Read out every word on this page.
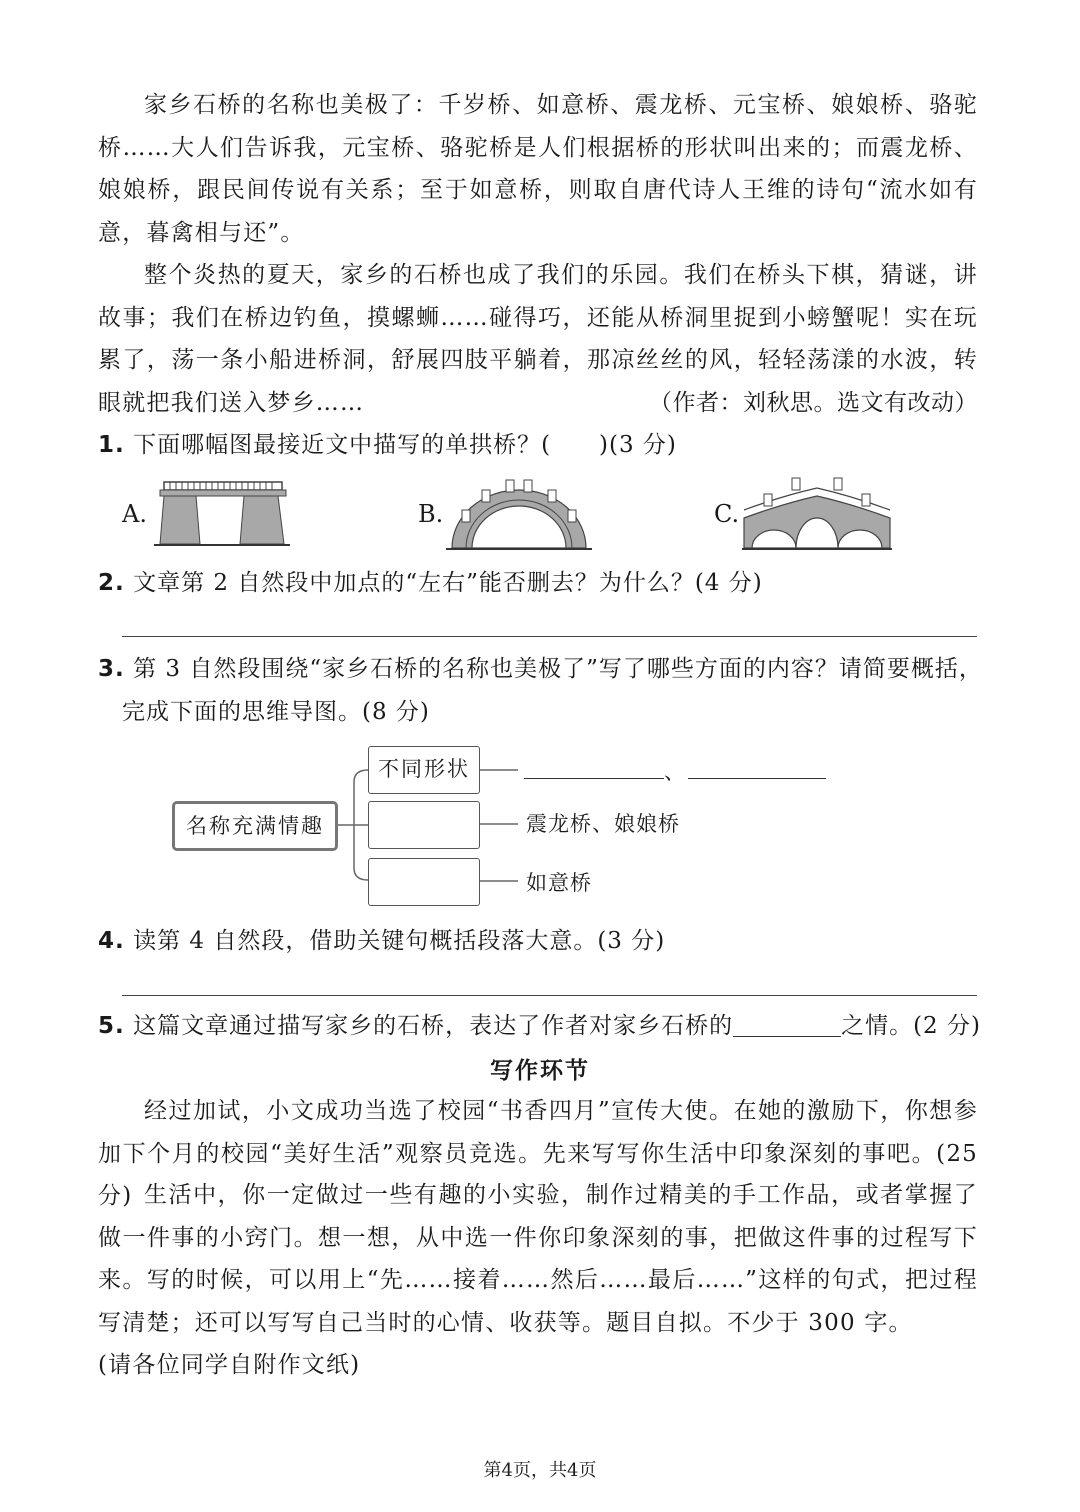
家乡石桥的名称也美极了：千岁桥、如意桥、震龙桥、元宝桥、娘娘桥、骆驼桥……大人们告诉我，元宝桥、骆驼桥是人们根据桥的形状叫出来的；而震龙桥、娘娘桥，跟民间传说有关系；至于如意桥，则取自唐代诗人王维的诗句“流水如有意，暮禽相与还”。

整个炎热的夏天，家乡的石桥也成了我们的乐园。我们在桥头下棋，猜谜，讲故事；我们在桥边钓鱼，摸螺蛳……碰得巧，还能从桥洞里捉到小螃蟹呢！实在玩累了，荡一条小船进桥洞，舒展四肢平躺着，那凉丝丝的风，轻轻荡漾的水波，转眼就把我们送入梦乡……	（作者：刘秋思。选文有改动）

1. 下面哪幅图最接近文中描写的单拱桥？(　　)(3 分)

A.	B.	C.

2. 文章第 2 自然段中加点的“左右”能否删去？为什么？(4 分)

3. 第 3 自然段围绕“家乡石桥的名称也美极了”写了哪些方面的内容？请简要概括，

完成下面的思维导图。(8 分)

名称充满情趣
不同形状	、
震龙桥、娘娘桥
如意桥

4. 读第 4 自然段，借助关键句概括段落大意。(3 分)

5. 这篇文章通过描写家乡的石桥，表达了作者对家乡石桥的	之情。(2 分)

写作环节

经过加试，小文成功当选了校园“书香四月”宣传大使。在她的激励下，你想参加下个月的校园“美好生活”观察员竞选。先来写写你生活中印象深刻的事吧。(25 分) 生活中，你一定做过一些有趣的小实验，制作过精美的手工作品，或者掌握了做一件事的小窍门。想一想，从中选一件你印象深刻的事，把做这件事的过程写下来。写的时候，可以用上“先……接着……然后……最后……”这样的句式，把过程写清楚；还可以写写自己当时的心情、收获等。题目自拟。不少于 300 字。

(请各位同学自附作文纸)

第4页，共4页
